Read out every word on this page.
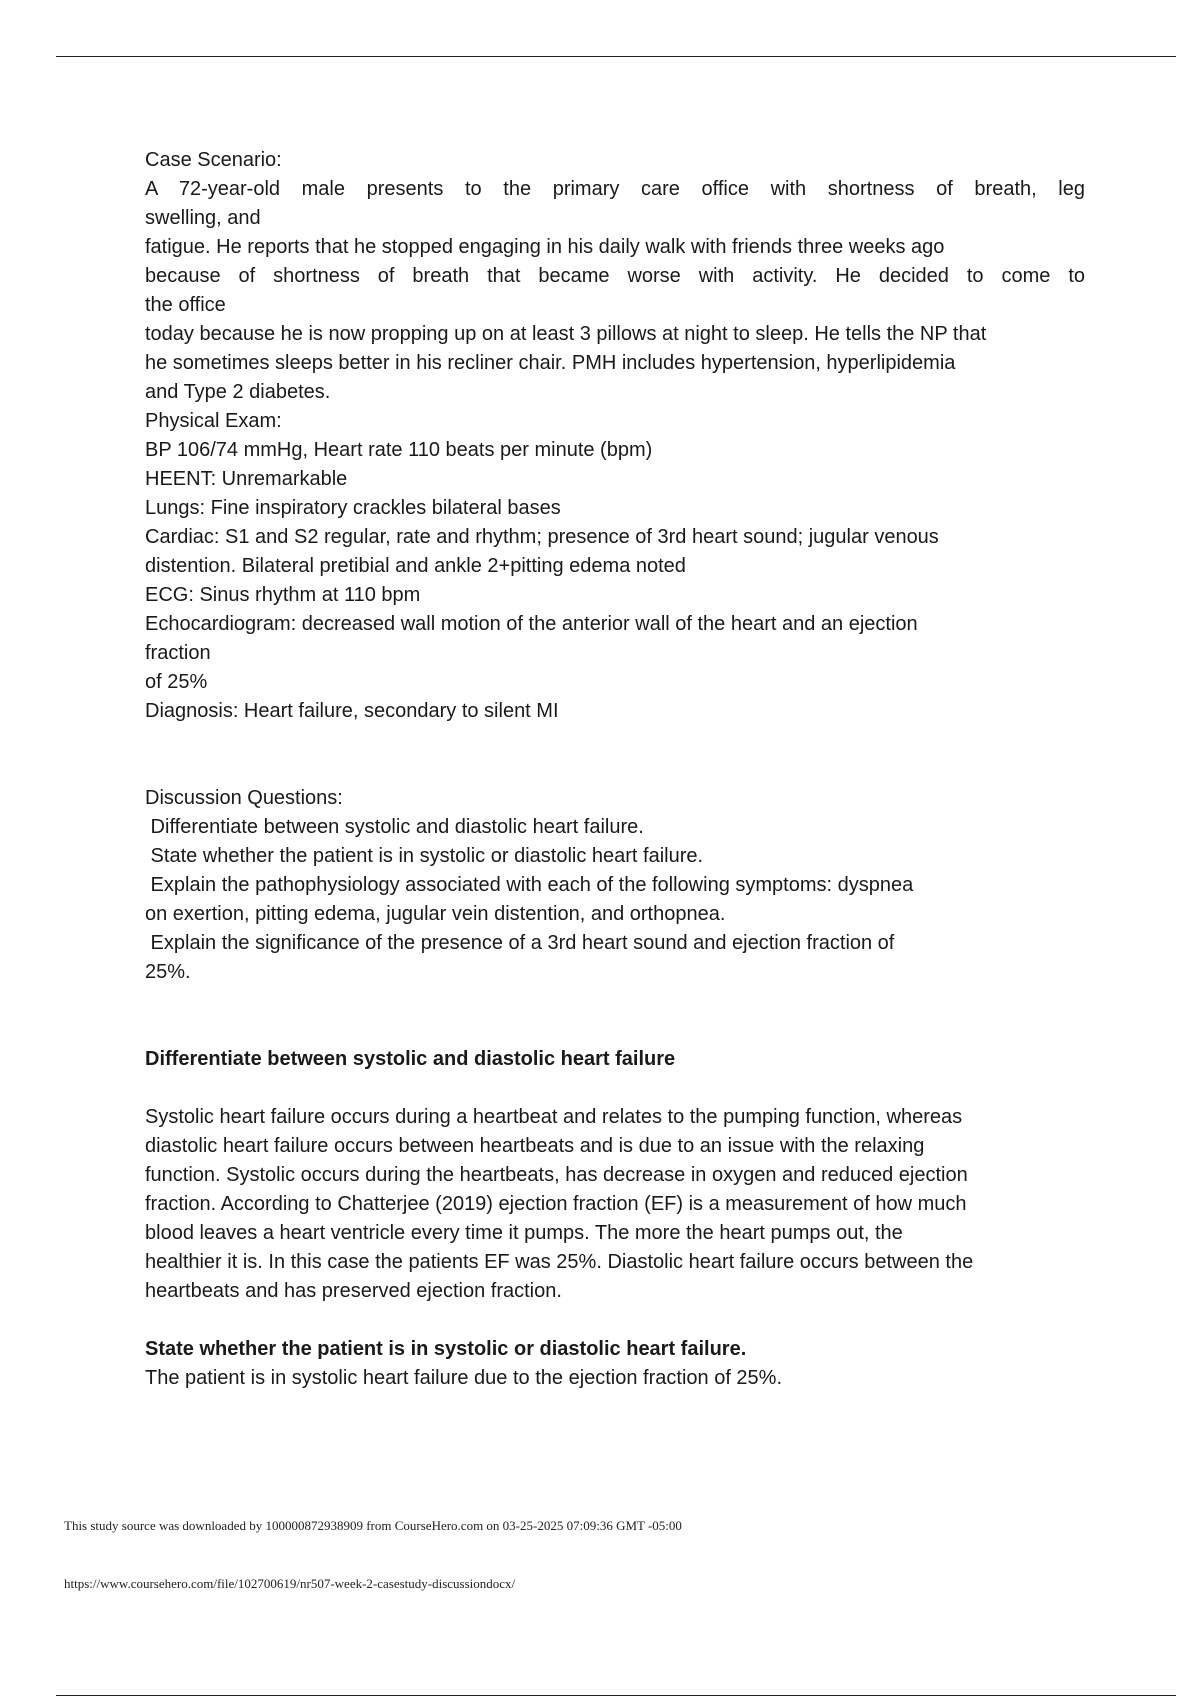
Case Scenario:

A 72-year-old male presents to the primary care office with shortness of breath, leg

swelling, and

fatigue. He reports that he stopped engaging in his daily walk with friends three weeks ago

because of shortness of breath that became worse with activity. He decided to come to

the office

today because he is now propping up on at least 3 pillows at night to sleep. He tells the NP that

he sometimes sleeps better in his recliner chair. PMH includes hypertension, hyperlipidemia

and Type 2 diabetes.

Physical Exam:

BP 106/74 mmHg, Heart rate 110 beats per minute (bpm)

HEENT: Unremarkable

Lungs: Fine inspiratory crackles bilateral bases

Cardiac: S1 and S2 regular, rate and rhythm; presence of 3rd heart sound; jugular venous

distention. Bilateral pretibial and ankle 2+pitting edema noted

ECG: Sinus rhythm at 110 bpm

Echocardiogram: decreased wall motion of the anterior wall of the heart and an ejection

fraction

of 25%

Diagnosis: Heart failure, secondary to silent MI

Discussion Questions:

Differentiate between systolic and diastolic heart failure.

State whether the patient is in systolic or diastolic heart failure.

Explain the pathophysiology associated with each of the following symptoms: dyspnea

on exertion, pitting edema, jugular vein distention, and orthopnea.

Explain the significance of the presence of a 3rd heart sound and ejection fraction of

25%.

Differentiate between systolic and diastolic heart failure

Systolic heart failure occurs during a heartbeat and relates to the pumping function, whereas

diastolic heart failure occurs between heartbeats and is due to an issue with the relaxing

function. Systolic occurs during the heartbeats, has decrease in oxygen and reduced ejection

fraction. According to Chatterjee (2019) ejection fraction (EF) is a measurement of how much

blood leaves a heart ventricle every time it pumps. The more the heart pumps out, the

healthier it is. In this case the patients EF was 25%. Diastolic heart failure occurs between the

heartbeats and has preserved ejection fraction.

State whether the patient is in systolic or diastolic heart failure.

The patient is in systolic heart failure due to the ejection fraction of 25%.

This study source was downloaded by 100000872938909 from CourseHero.com on 03-25-2025 07:09:36 GMT -05:00
https://www.coursehero.com/file/102700619/nr507-week-2-casestudy-discussiondocx/
